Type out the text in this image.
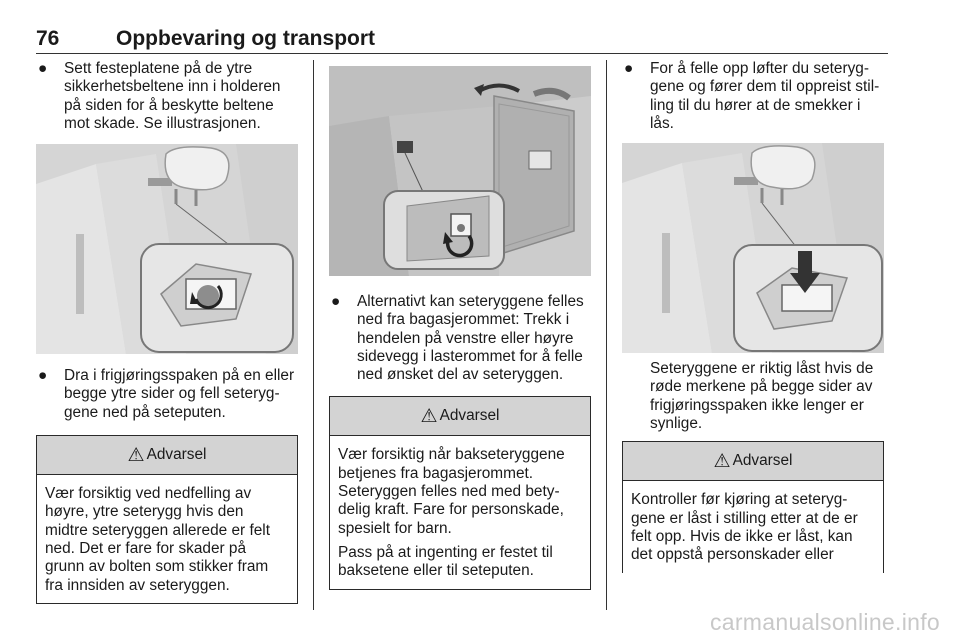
76	Oppbevaring og transport
● Sett festeplatene på de ytre
sikkerhetsbeltene inn i holderen
på siden for å beskytte beltene
mot skade. Se illustrasjonen.
● Dra i frigjøringsspaken på en eller
begge ytre sider og fell seteryg-
gene ned på seteputen.
⚠ Advarsel

Vær forsiktig ved nedfelling av
høyre, ytre seterygg hvis den
midtre seteryggen allerede er felt
ned. Det er fare for skader på
grunn av bolten som stikker fram
fra innsiden av seteryggen.

● Alternativt kan seteryggene felles
ned fra bagasjerommet: Trekk i
hendelen på venstre eller høyre
sidevegg i lasterommet for å felle
ned ønsket del av seteryggen.
⚠ Advarsel

Vær forsiktig når bakseteryggene
betjenes fra bagasjerommet.
Seteryggen felles ned med bety-
delig kraft. Fare for personskade,
spesielt for barn.

Pass på at ingenting er festet til
baksetene eller til seteputen.

● For å felle opp løfter du seteryg-
gene og fører dem til oppreist stil-
ling til du hører at de smekker i
lås.
Seteryggene er riktig låst hvis de
røde merkene på begge sider av
frigjøringsspaken ikke lenger er
synlige.
⚠ Advarsel

Kontroller før kjøring at seteryg-
gene er låst i stilling etter at de er
felt opp. Hvis de ikke er låst, kan
det oppstå personskader eller

carmanualsonline.info
